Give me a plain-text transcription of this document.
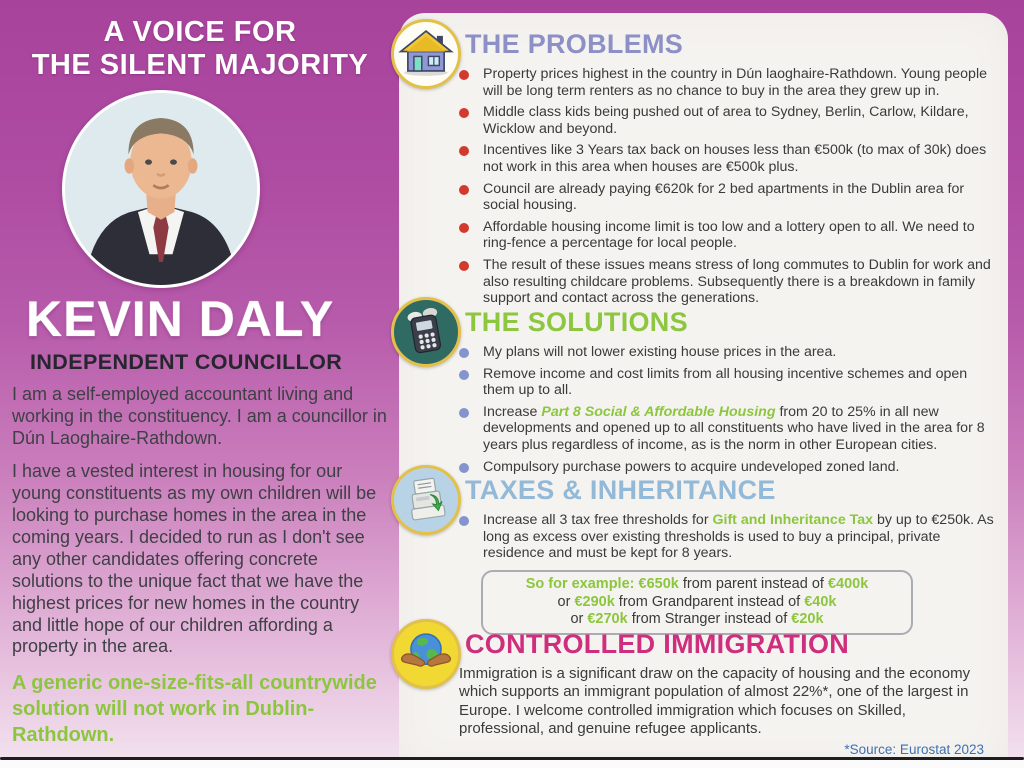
A VOICE FOR
THE SILENT MAJORITY
KEVIN DALY
INDEPENDENT COUNCILLOR

I am a self-employed accountant living and working in the constituency. I am a councillor in Dún Laoghaire-Rathdown.

I have a vested interest in housing for our young constituents as my own children will be looking to purchase homes in the area in the coming years. I decided to run as I don't see any other candidates offering concrete solutions to the unique fact that we have the highest prices for new homes in the country and little hope of our children affording a property in the area.

A generic one-size-fits-all countrywide solution will not work in Dublin-Rathdown.
THE PROBLEMS
Property prices highest in the country in Dún laoghaire-Rathdown. Young people will be long term renters as no chance to buy in the area they grew up in.
Middle class kids being pushed out of area to Sydney, Berlin, Carlow, Kildare, Wicklow and beyond.
Incentives like 3 Years tax back on houses less than €500k (to max of 30k) does not work in this area when houses are €500k plus.
Council are already paying €620k for 2 bed apartments in the Dublin area for social housing.
Affordable housing income limit is too low and a lottery open to all. We need to ring-fence a percentage for local people.
The result of these issues means stress of long commutes to Dublin for work and also resulting childcare problems. Subsequently there is a breakdown in family support and contact across the generations.
THE SOLUTIONS
My plans will not lower existing house prices in the area.
Remove income and cost limits from all housing incentive schemes and open them up to all.
Increase Part 8 Social & Affordable Housing from 20 to 25% in all new developments and opened up to all constituents who have lived in the area for 8 years plus regardless of income, as is the norm in other European cities.
Compulsory purchase powers to acquire undeveloped zoned land.
TAXES & INHERITANCE
Increase all 3 tax free thresholds for Gift and Inheritance Tax by up to €250k. As long as excess over existing thresholds is used to buy a principal, private residence and must be kept for 8 years.
So for example: €650k from parent instead of €400k
or €290k from Grandparent instead of €40k
or €270k from Stranger instead of €20k
CONTROLLED IMMIGRATION
Immigration is a significant draw on the capacity of housing and the economy which supports an immigrant population of almost 22%*, one of the largest in Europe. I welcome controlled immigration which focuses on Skilled, professional, and genuine refugee applicants.
*Source: Eurostat 2023
